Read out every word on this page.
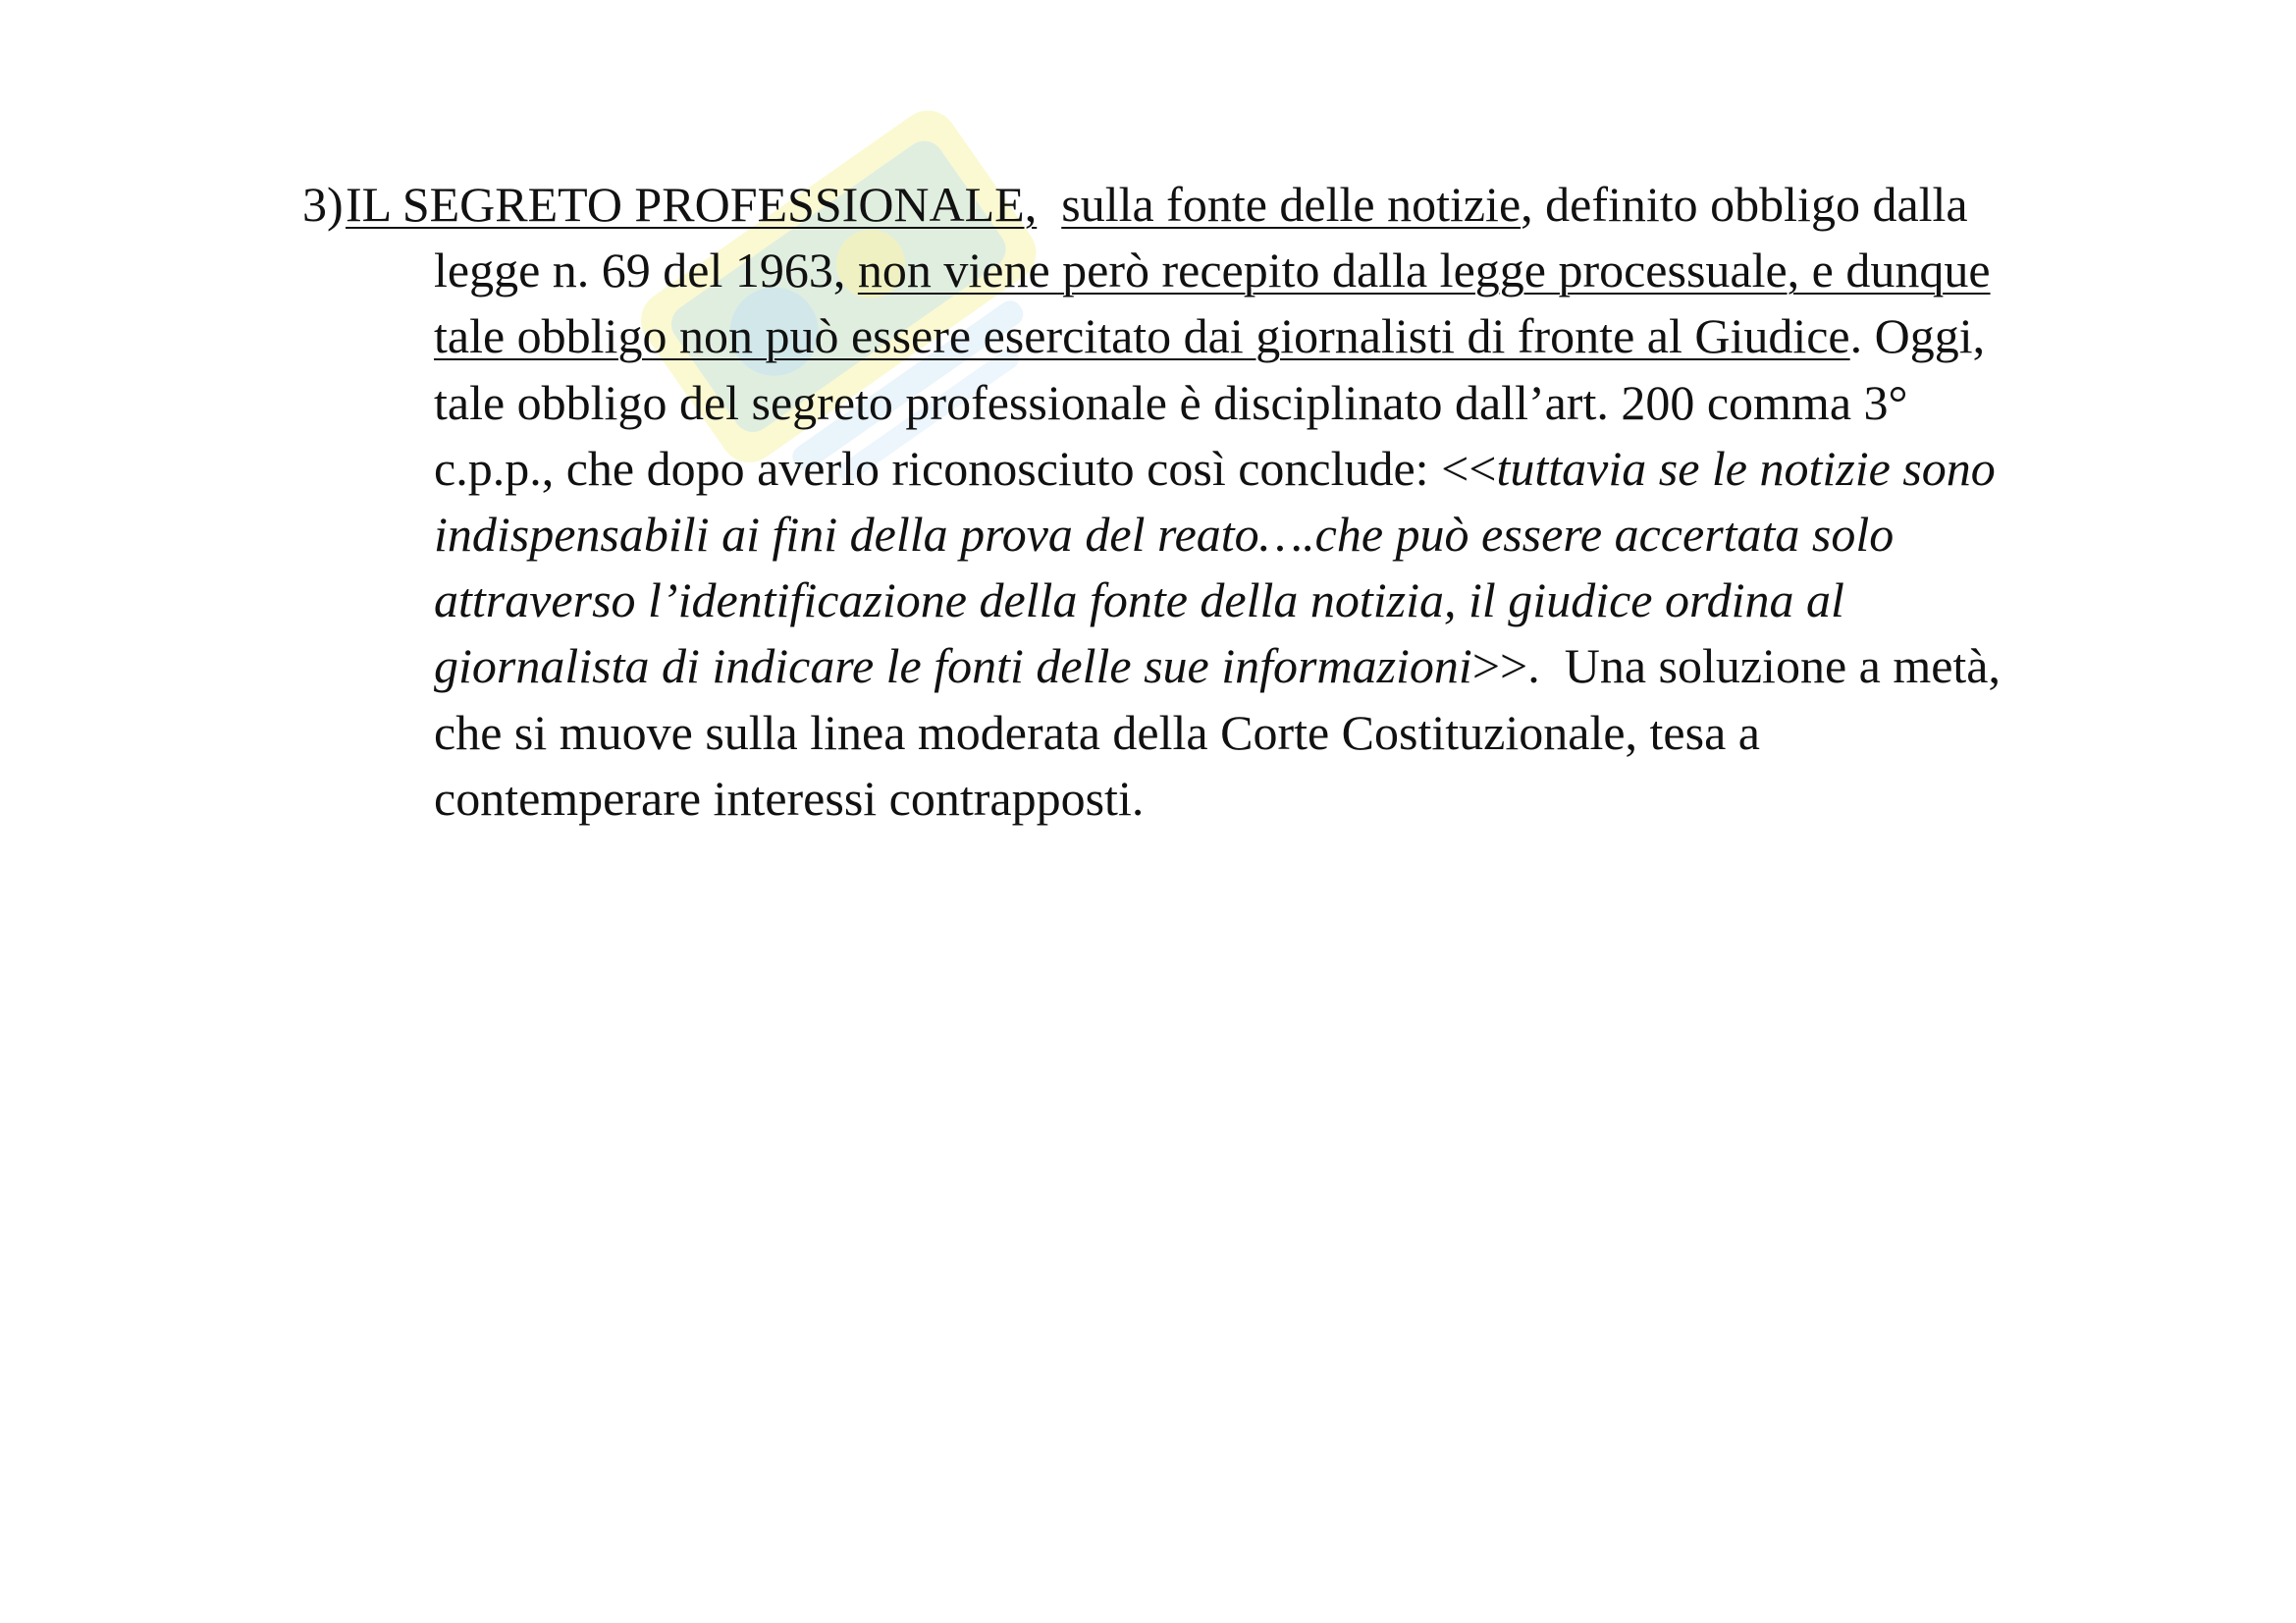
3) IL SEGRETO PROFESSIONALE, sulla fonte delle notizie, definito obbligo dalla legge n. 69 del 1963, non viene però recepito dalla legge processuale, e dunque tale obbligo non può essere esercitato dai giornalisti di fronte al Giudice. Oggi, tale obbligo del segreto professionale è disciplinato dall’art. 200 comma 3° c.p.p., che dopo averlo riconosciuto così conclude: <<tuttavia se le notizie sono indispensabili ai fini della prova del reato….che può essere accertata solo attraverso l’identificazione della fonte della notizia, il giudice ordina al giornalista di indicare le fonti delle sue informazioni>>.  Una soluzione a metà, che si muove sulla linea moderata della Corte Costituzionale, tesa a contemperare interessi contrapposti.
